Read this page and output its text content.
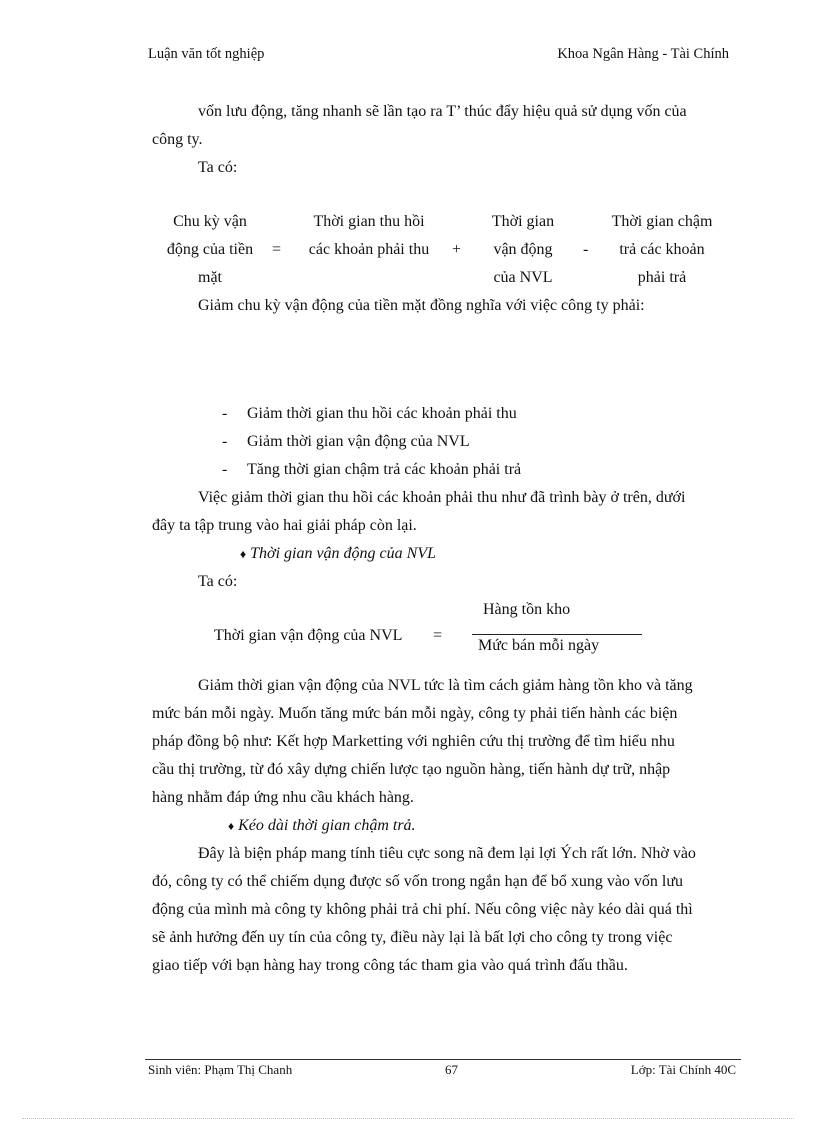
Luận văn tốt nghiệp	Khoa Ngân Hàng - Tài Chính
vốn lưu động, tăng nhanh sẽ lần tạo ra T’ thúc đẩy hiệu quả sử dụng vốn của
công ty.
Ta có:
Chu kỳ vận
động của tiền
mặt
=
Thời gian thu hồi
các khoản phải thu	+
Thời gian
vận động
của NVL
-
Thời gian chậm
trả các khoản
phải trả
Giảm chu kỳ vận động của tiền mặt đồng nghĩa với việc công ty phải:
- Giảm thời gian thu hồi các khoản phải thu
- Giảm thời gian vận động của NVL
- Tăng thời gian chậm trả các khoản phải trả
Việc giảm thời gian thu hồi các khoản phải thu như đã trình bày ở trên, dưới
đây ta tập trung vào hai giải pháp còn lại.
♦ Thời gian vận động của NVL
Ta có:
Thời gian vận động của NVL =
Hàng tồn kho
Mức bán mỗi ngày
Giảm thời gian vận động của NVL tức là tìm cách giảm hàng tồn kho và tăng
mức bán mỗi ngày. Muốn tăng mức bán mỗi ngày, công ty phải tiến hành các biện
pháp đồng bộ như: Kết hợp Marketting với nghiên cứu thị trường để tìm hiểu nhu
cầu thị trường, từ đó xây dựng chiến lược tạo nguồn hàng, tiến hành dự trữ, nhập
hàng nhằm đáp ứng nhu cầu khách hàng.
♦ Kéo dài thời gian chậm trả.
Đây là biện pháp mang tính tiêu cực song nã đem lại lợi Ých rất lớn. Nhờ vào
đó, công ty có thể chiếm dụng được số vốn trong ngắn hạn để bổ xung vào vốn lưu
động của mình mà công ty không phải trả chi phí. Nếu công việc này kéo dài quá thì
sẽ ảnh hưởng đến uy tín của công ty, điều này lại là bất lợi cho công ty trong việc
giao tiếp với bạn hàng hay trong công tác tham gia vào quá trình đấu thầu.
Sinh viên: Phạm Thị Chanh	67	Lớp: Tài Chính 40C
